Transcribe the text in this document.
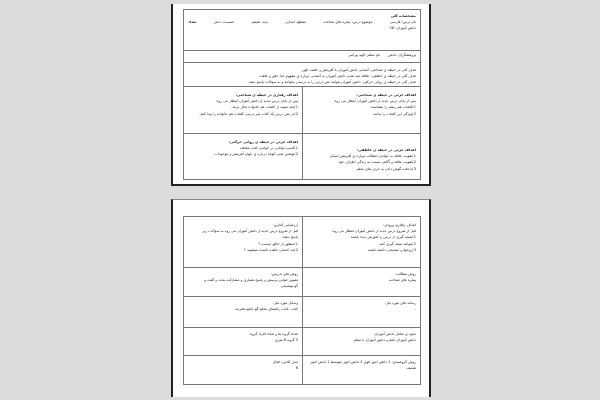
مشخصات کلی
نام درس: فارسی
موضوع درس: پنجره های شناخت
مقطع: ابتدایی
پایه: ششم
جنسیت: دختر
تعداد
دانش آموزان: 28
پژوهشگران: دانش
نام معلم: الهه پیرامی
هدف کلی در حیطه ی شناختی: آشنایی دانش آموزان با آفرینش و خلقت الهی
هدف کلی در حیطه ی عاطفی: علاقه مند شدن دانش آموزان به آشنایی دوباره ی مفهوم خدا خلق و خلقت
هدف کلی در حیطه ی روانی حرکتی: دانش آموزان بتوانند متن درس را به درستی بخوانند و به سوالات پاسخ دهند.
اهداف جزئی در حیطه ی شناختی:
پس از پایان درس جدید از دانش آموزان انتظار می رود:
1)کلمات هم ریشه را بشناسند.
2)ویژگی این کلمات را بدانند.
اهداف رفتاری در حیطه ی شناختی:
پس از پایان درس جدید از دانش آموزان انتظار می رود:
1)چند نمونه از کلمات هم خانواده مثال بزنند.
2)در متن درس یک کتاب غیر درسی کلمات هم خانواده را پیدا کنند.
اهداف جزئی در حیطه ی عاطفی:
1)تقویت علاقه به خواندن مطالب دوباره ی آفرینش انسان
2)تقویت علاقه و آگاهی نسبت به زندگی اطراف خود
3)با دقت گوش دادن به حرف های معلم
اهداف جزئی در حیطه ی روانی حرکتی:
1)کسب توانایی در خواندن کتب مختلف
2)نوشتن متنی کوتاه درباره ی جهان آفرینش و موجودات
اهداف رفتاری ورودی:
قبل از شروع درس جدید از دانش آموزان انتظار می رود:
1)نتیجه گیری از درس را آموزش دیده باشند
2)بتوانند نتیجه گیری کنند
3)روخوانی صحیحی داشته باشند
ارزشیابی آغازین:
قبل از شروع درس جدید از دانش آموزان می رود به سوالات زیر
پاسخ دهند:
1)منظور از خالق چیست ؟
2)چه کسانی خلقت نامیده میشوند ؟
روش مطالب:
پنجره های شناخت
روش های تدریس:
تصویر خوانی-پرسش و پاسخ-همیاری و مشارکت-بحث و گفت و
گو-توضیحی.
رسانه های مورد نیاز:
-
وسایل مورد نیاز:
کتاب -کتاب راهنمای معلم-گچ-تابلو-دفترچه
نحوه ی تعامل دانش آموزان:
دانش آموزان باهم و دانش آموزان با معلم
تعداد گروه ها و تعداد افراد گروه:
5 گروه 6 نفری
روش گروهبندی: 1 دانش اموز قوی 2 دانش اموز متوسط 1 دانش اموز
ضعیف
مدل کلاس: فعال
6
